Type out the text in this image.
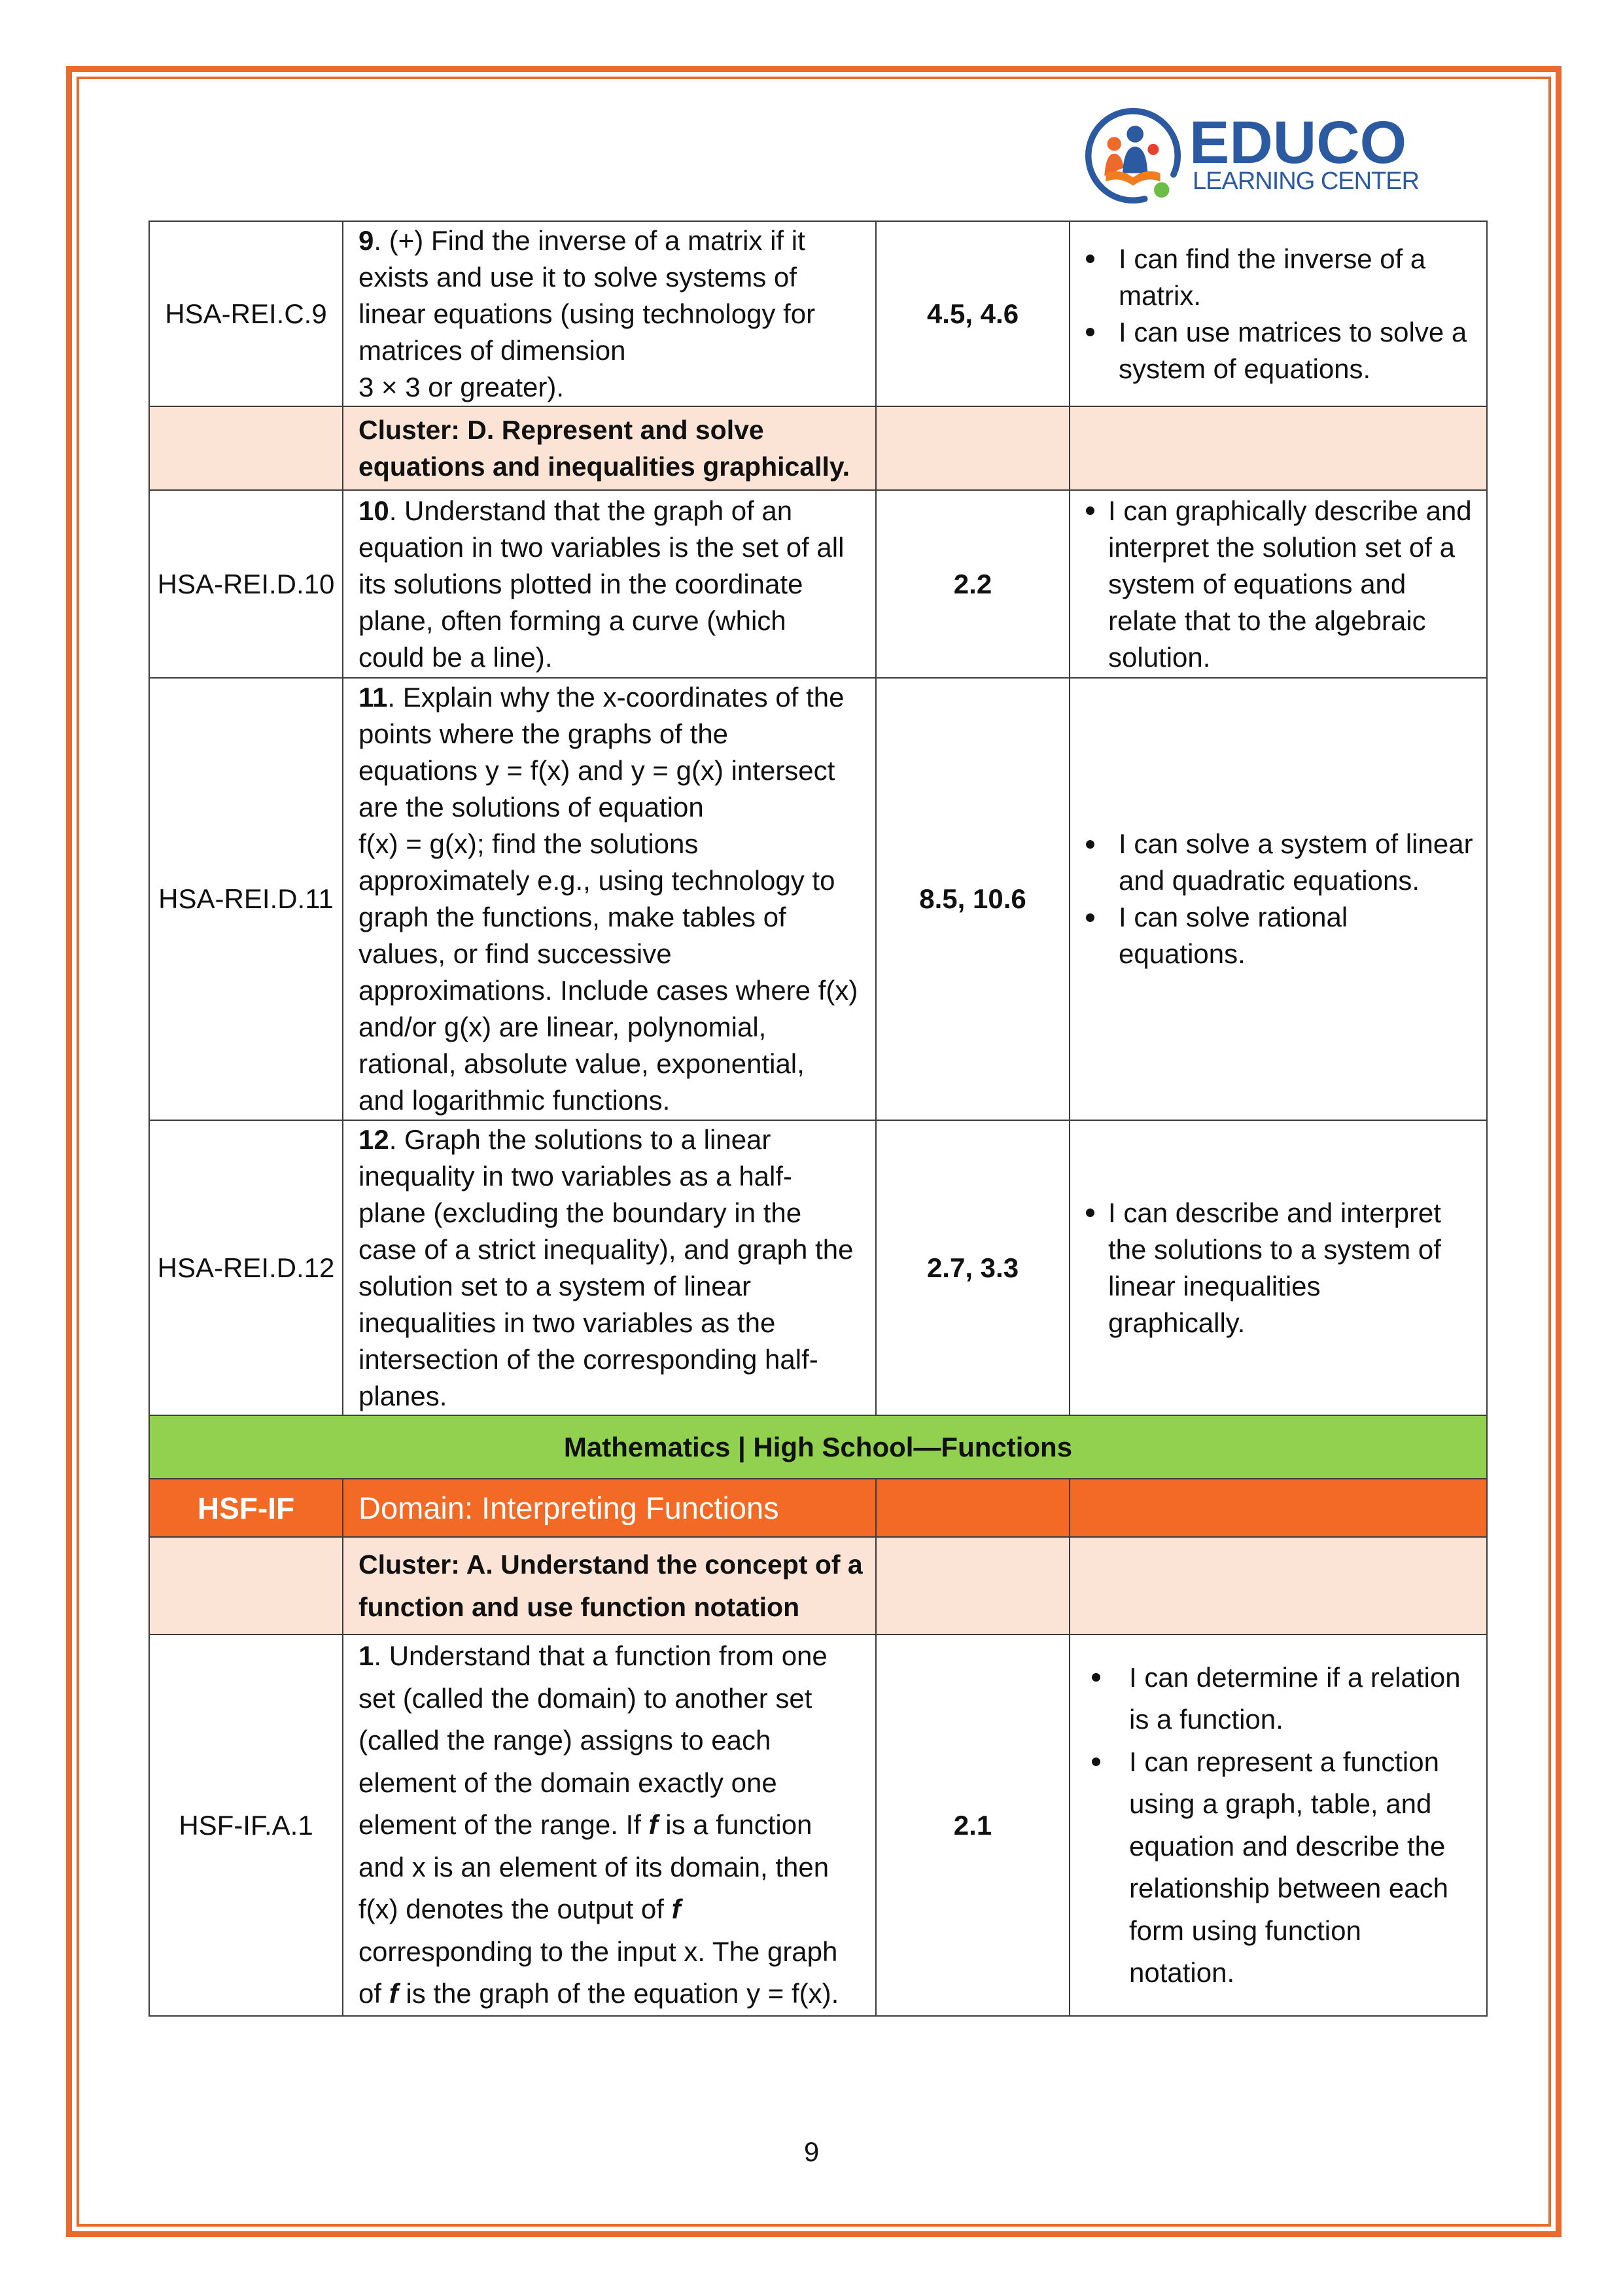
EDUCO
LEARNING CENTER
HSA-REI.C.9
9. (+) Find the inverse of a matrix if it
exists and use it to solve systems of
linear equations (using technology for
matrices of dimension
3 × 3 or greater).
4.5, 4.6
I can find the inverse of a
matrix.
I can use matrices to solve a
system of equations.
Cluster: D. Represent and solve
equations and inequalities graphically.
HSA-REI.D.10
10. Understand that the graph of an
equation in two variables is the set of all
its solutions plotted in the coordinate
plane, often forming a curve (which
could be a line).
2.2
I can graphically describe and
interpret the solution set of a
system of equations and
relate that to the algebraic
solution.
HSA-REI.D.11
11. Explain why the x-coordinates of the
points where the graphs of the
equations y = f(x) and y = g(x) intersect
are the solutions of equation
f(x) = g(x); find the solutions
approximately e.g., using technology to
graph the functions, make tables of
values, or find successive
approximations. Include cases where f(x)
and/or g(x) are linear, polynomial,
rational, absolute value, exponential,
and logarithmic functions.
8.5, 10.6
I can solve a system of linear
and quadratic equations.
I can solve rational
equations.
HSA-REI.D.12
12. Graph the solutions to a linear
inequality in two variables as a half-
plane (excluding the boundary in the
case of a strict inequality), and graph the
solution set to a system of linear
inequalities in two variables as the
intersection of the corresponding half-
planes.
2.7, 3.3
I can describe and interpret
the solutions to a system of
linear inequalities
graphically.
Mathematics | High School—Functions
HSF-IF Domain: Interpreting Functions
Cluster: A. Understand the concept of a
function and use function notation
HSF-IF.A.1
1. Understand that a function from one
set (called the domain) to another set
(called the range) assigns to each
element of the domain exactly one
element of the range. If f is a function
and x is an element of its domain, then
f(x) denotes the output of f
corresponding to the input x. The graph
of f is the graph of the equation y = f(x).
2.1
I can determine if a relation
is a function.
I can represent a function
using a graph, table, and
equation and describe the
relationship between each
form using function
notation.
9
